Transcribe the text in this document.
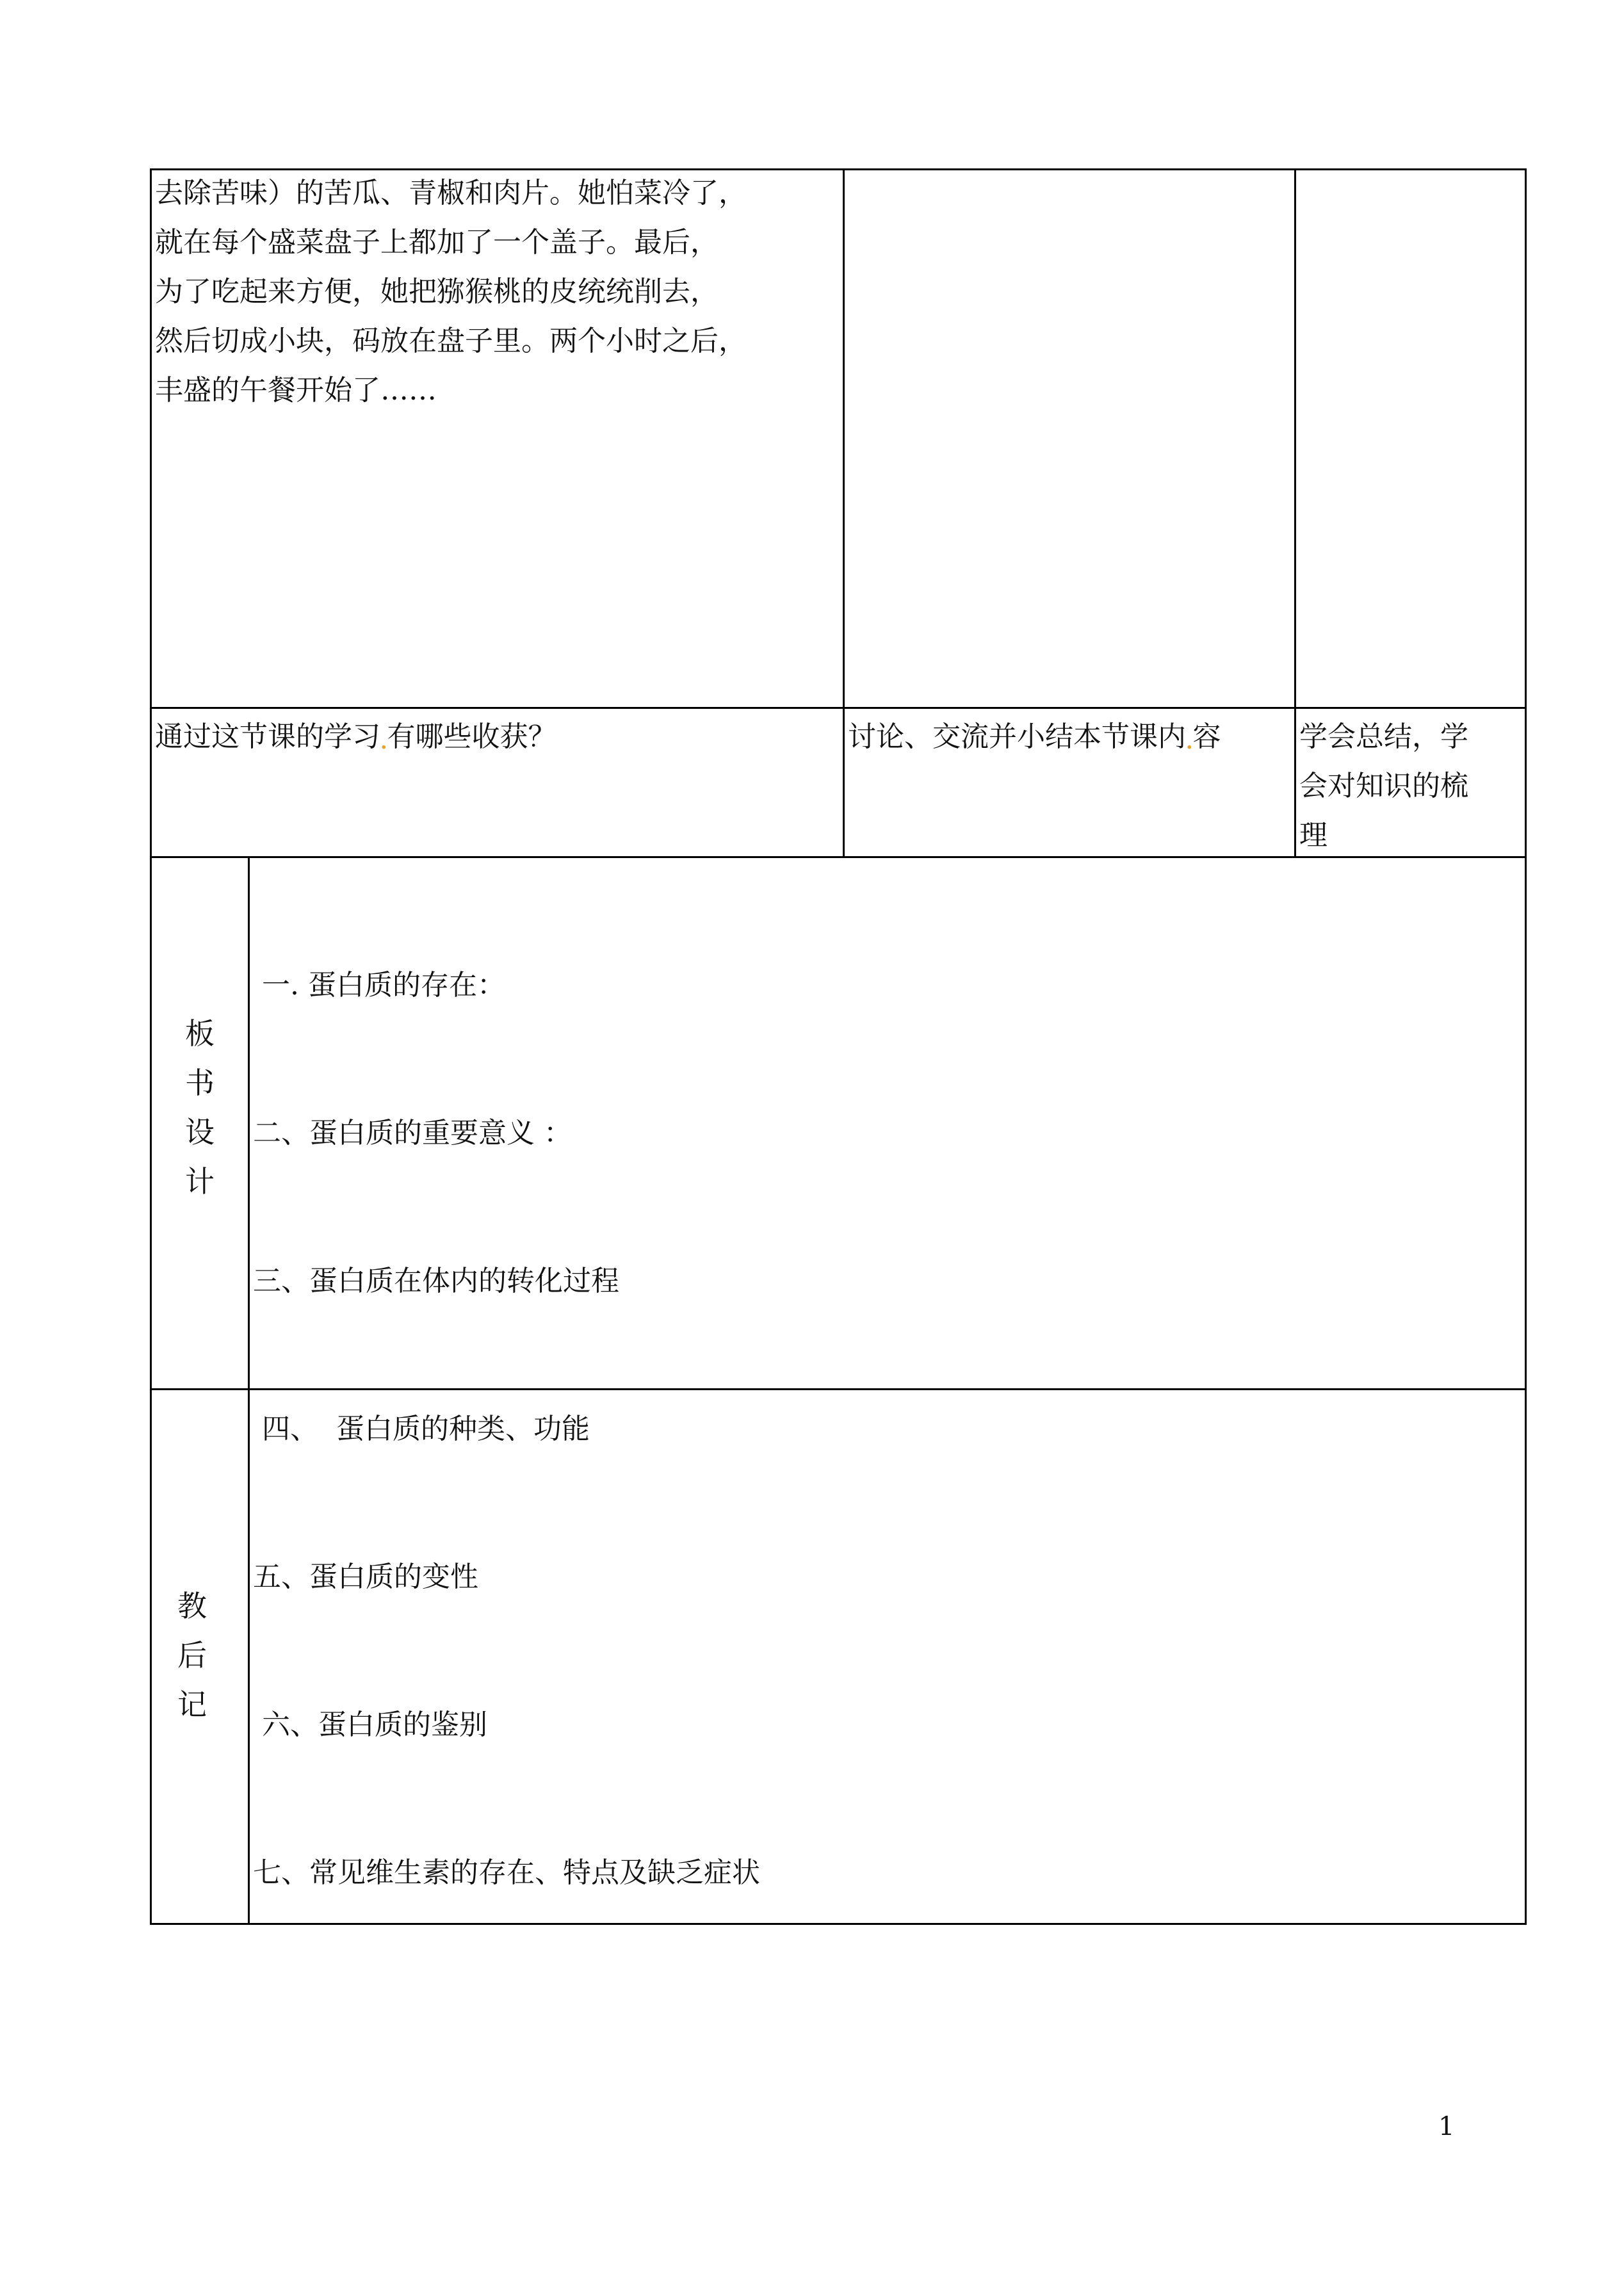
去除苦味）的苦瓜、青椒和肉片。她怕菜冷了，
就在每个盛菜盘子上都加了一个盖子。最后，
为了吃起来方便，她把猕猴桃的皮统统削去，
然后切成小块，码放在盘子里。两个小时之后，
丰盛的午餐开始了……
通过这节课的学习.有哪些收获？	讨论、交流并小结本节课内.容	学会总结，学
会对知识的梳
理
板
书
设
计

一. 蛋白质的存在：

二、蛋白质的重要意义 ：

三、蛋白质在体内的转化过程

四、  蛋白质的种类、功能

五、蛋白质的变性

六、蛋白质的鉴别

七、常见维生素的存在、特点及缺乏症状

教
后
记
1
